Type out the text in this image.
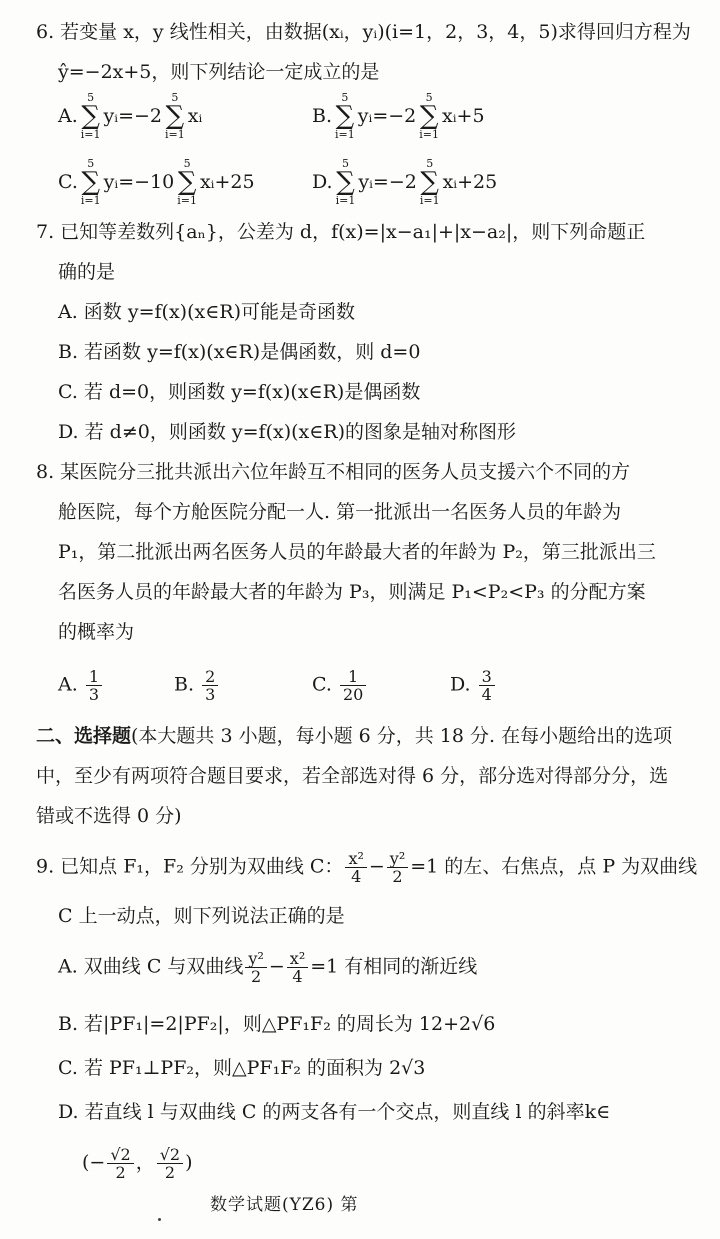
6. 若变量 x，y 线性相关，由数据(xᵢ，yᵢ)(i=1，2，3，4，5)求得回归方程为
ŷ=−2x+5，则下列结论一定成立的是
A.
5
∑
i=1
yᵢ =−2
5
∑
i=1
xᵢ	B.
5
∑
i=1
yᵢ =−2
5
∑
i=1
xᵢ +5
C.
5
∑
i=1
yᵢ =−10
5
∑
i=1
xᵢ +25	D.
5
∑
i=1
yᵢ =−2
5
∑
i=1
xᵢ +25
7. 已知等差数列{aₙ}，公差为 d，f(x)=|x−a₁|+|x−a₂|，则下列命题正
确的是
A. 函数 y=f(x)(x∈R)可能是奇函数
B. 若函数 y=f(x)(x∈R)是偶函数，则 d=0
C. 若 d=0，则函数 y=f(x)(x∈R)是偶函数
D. 若 d≠0，则函数 y=f(x)(x∈R)的图象是轴对称图形
8. 某医院分三批共派出六位年龄互不相同的医务人员支援六个不同的方
舱医院，每个方舱医院分配一人. 第一批派出一名医务人员的年龄为
P₁，第二批派出两名医务人员的年龄最大者的年龄为 P₂，第三批派出三
名医务人员的年龄最大者的年龄为 P₃，则满足 P₁<P₂<P₃ 的分配方案
的概率为
A. $\frac{1}{3}$	B. $\frac{2}{3}$	C. $\frac{1}{20}$	D. $\frac{3}{4}$
二、选择题(本大题共 3 小题，每小题 6 分，共 18 分. 在每小题给出的选项
中，至少有两项符合题目要求，若全部选对得 6 分，部分选对得部分分，选
错或不选得 0 分)
9. 已知点 F₁，F₂ 分别为双曲线 C： $\frac{\text{x²}}{4} - \frac{\text{y²}}{2} =1$ 的左、右焦点，点 P 为双曲线
C 上一动点，则下列说法正确的是
A. 双曲线 C 与双曲线 $\frac{\text{y²}}{2} - \frac{\text{x²}}{4} =1$ 有相同的渐近线
B. 若|PF₁|=2|PF₂|，则△PF₁F₂ 的周长为 12+2√6
C. 若 PF₁⊥PF₂，则△PF₁F₂ 的面积为 2√3
D. 若直线 l 与双曲线 C 的两支各有一个交点，则直线 l 的斜率k∈
(− $\frac{√2}{2}$ ， $\frac{√2}{2}$ )
数学试题(YZ6) 第
